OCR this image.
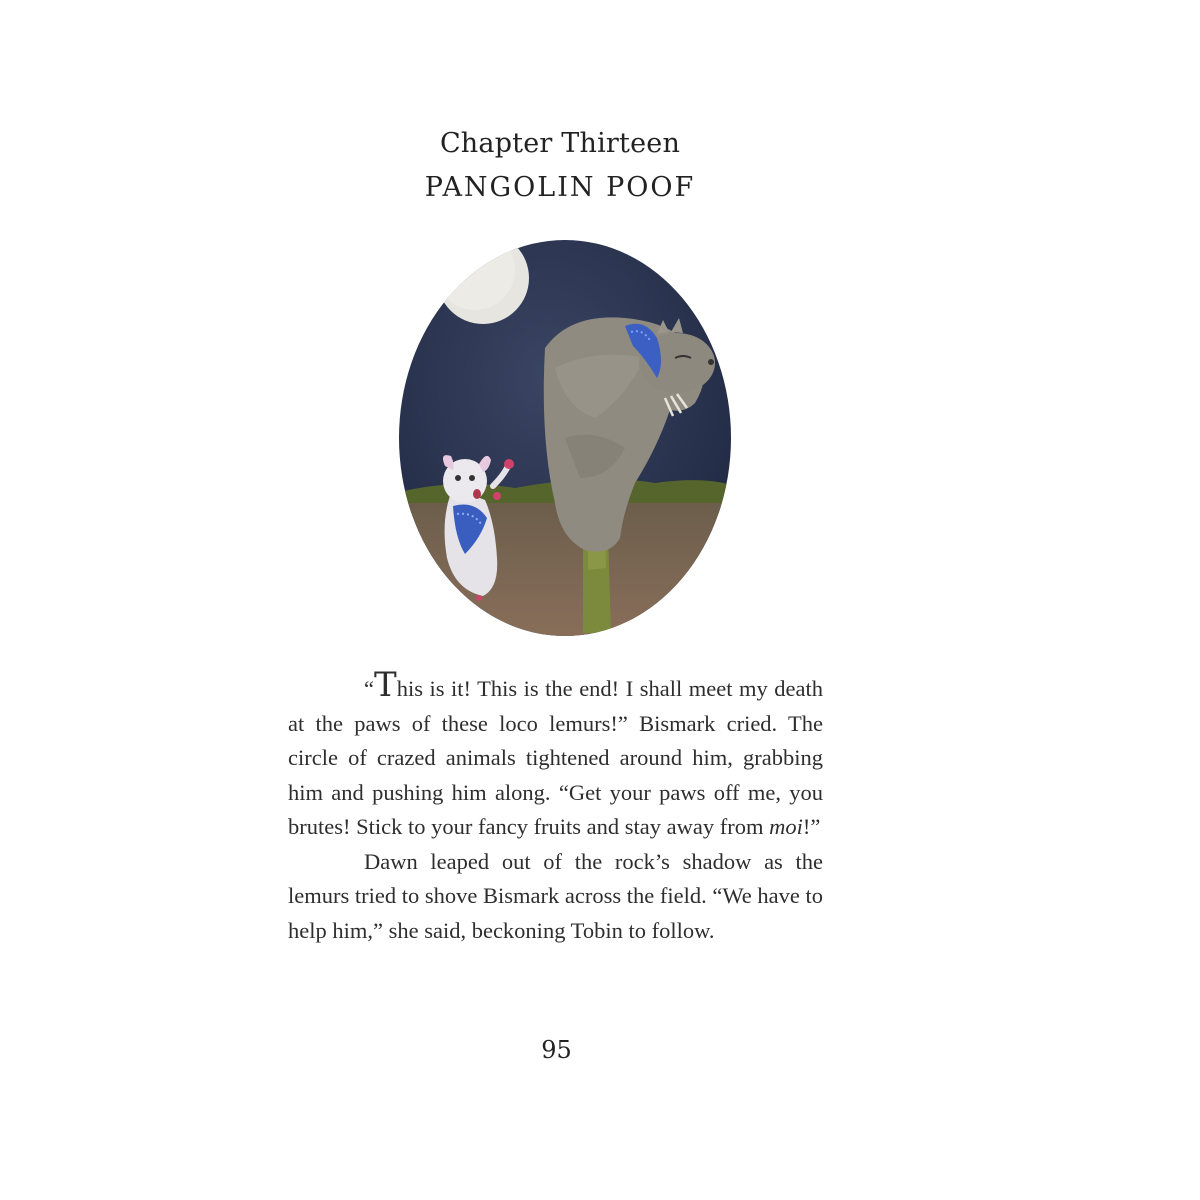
Chapter Thirteen
PANGOLIN POOF

“This is it! This is the end! I shall meet my death at the paws of these loco lemurs!” Bismark cried. The circle of crazed animals tightened around him, grabbing him and pushing him along. “Get your paws off me, you brutes! Stick to your fancy fruits and stay away from moi!”

Dawn leaped out of the rock’s shadow as the lemurs tried to shove Bismark across the field. “We have to help him,” she said, beckoning Tobin to follow.

95
